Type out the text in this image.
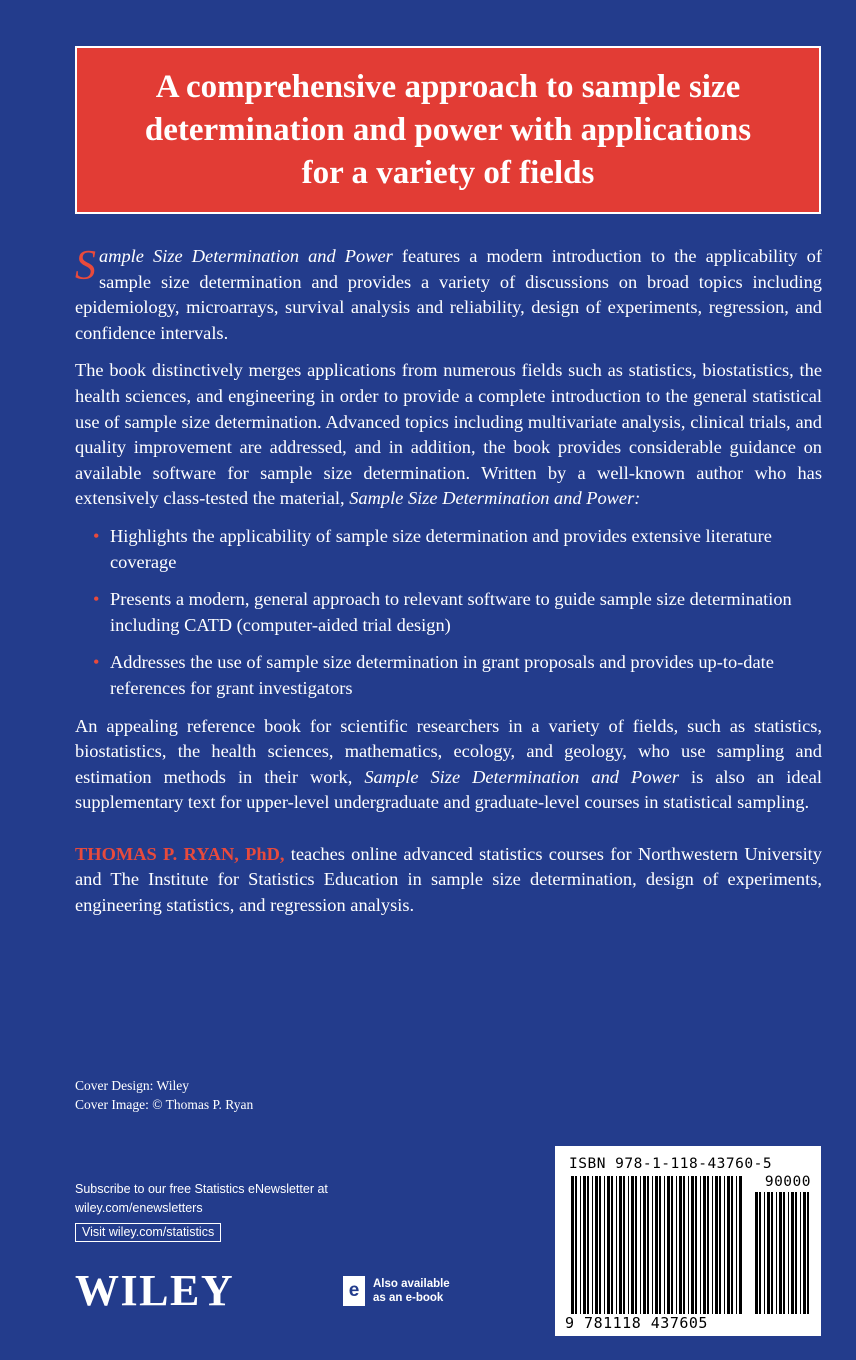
A comprehensive approach to sample size
determination and power with applications
for a variety of fields

Sample Size Determination and Power features a modern introduction to the applicability of sample size determination and provides a variety of discussions on broad topics including epidemiology, microarrays, survival analysis and reliability, design of experiments, regression, and confidence intervals.

The book distinctively merges applications from numerous fields such as statistics, biostatistics, the health sciences, and engineering in order to provide a complete introduction to the general statistical use of sample size determination. Advanced topics including multivariate analysis, clinical trials, and quality improvement are addressed, and in addition, the book provides considerable guidance on available software for sample size determination. Written by a well-known author who has extensively class-tested the material, Sample Size Determination and Power:

• Highlights the applicability of sample size determination and provides extensive literature coverage
• Presents a modern, general approach to relevant software to guide sample size determination including CATD (computer-aided trial design)
• Addresses the use of sample size determination in grant proposals and provides up-to-date references for grant investigators

An appealing reference book for scientific researchers in a variety of fields, such as statistics, biostatistics, the health sciences, mathematics, ecology, and geology, who use sampling and estimation methods in their work, Sample Size Determination and Power is also an ideal supplementary text for upper-level undergraduate and graduate-level courses in statistical sampling.

THOMAS P. RYAN, PhD, teaches online advanced statistics courses for Northwestern University and The Institute for Statistics Education in sample size determination, design of experiments, engineering statistics, and regression analysis.

Cover Design: Wiley
Cover Image: © Thomas P. Ryan
Subscribe to our free Statistics eNewsletter at
wiley.com/enewsletters
Visit wiley.com/statistics
WILEY	e	Also available
as an e-book
ISBN 978-1-118-43760-5
90000
9 781118 437605
